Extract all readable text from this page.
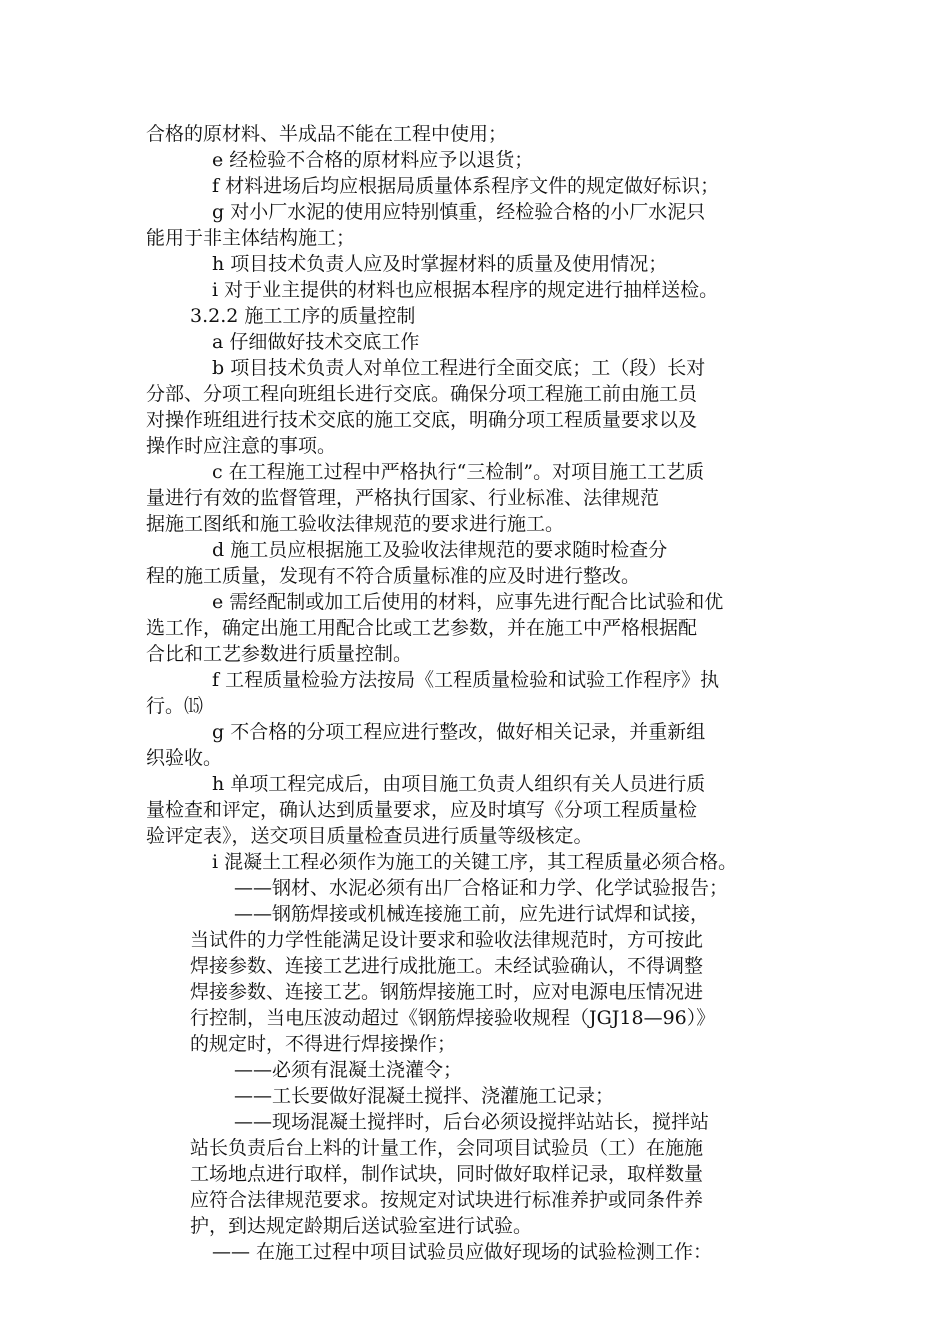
合格的原材料、半成品不能在工程中使用；
e 经检验不合格的原材料应予以退货；
f 材料进场后均应根据局质量体系程序文件的规定做好标识；
g 对小厂水泥的使用应特别慎重，经检验合格的小厂水泥只
能用于非主体结构施工；
h 项目技术负责人应及时掌握材料的质量及使用情况；
i 对于业主提供的材料也应根据本程序的规定进行抽样送检。
3.2.2 施工工序的质量控制
a 仔细做好技术交底工作
b 项目技术负责人对单位工程进行全面交底；工（段）长对
分部、分项工程向班组长进行交底。确保分项工程施工前由施工员
对操作班组进行技术交底的施工交底，明确分项工程质量要求以及
操作时应注意的事项。
c 在工程施工过程中严格执行“三检制”。对项目施工工艺质
量进行有效的监督管理，严格执行国家、行业标准、法律规范
据施工图纸和施工验收法律规范的要求进行施工。
d 施工员应根据施工及验收法律规范的要求随时检查分
程的施工质量，发现有不符合质量标准的应及时进行整改。
e 需经配制或加工后使用的材料，应事先进行配合比试验和优
选工作，确定出施工用配合比或工艺参数，并在施工中严格根据配
合比和工艺参数进行质量控制。
f 工程质量检验方法按局《工程质量检验和试验工作程序》执
行。⒂
g 不合格的分项工程应进行整改，做好相关记录，并重新组
织验收。
h 单项工程完成后，由项目施工负责人组织有关人员进行质
量检查和评定，确认达到质量要求，应及时填写《分项工程质量检
验评定表》，送交项目质量检查员进行质量等级核定。
i 混凝土工程必须作为施工的关键工序，其工程质量必须合格。
——钢材、水泥必须有出厂合格证和力学、化学试验报告；
——钢筋焊接或机械连接施工前，应先进行试焊和试接，
当试件的力学性能满足设计要求和验收法律规范时，方可按此
焊接参数、连接工艺进行成批施工。未经试验确认，不得调整
焊接参数、连接工艺。钢筋焊接施工时，应对电源电压情况进
行控制，当电压波动超过《钢筋焊接验收规程（JGJ18—96）》
的规定时，不得进行焊接操作；
——必须有混凝土浇灌令；
——工长要做好混凝土搅拌、浇灌施工记录；
——现场混凝土搅拌时，后台必须设搅拌站站长，搅拌站
站长负责后台上料的计量工作，会同项目试验员（工）在施施
工场地点进行取样，制作试块，同时做好取样记录，取样数量
应符合法律规范要求。按规定对试块进行标准养护或同条件养
护，到达规定龄期后送试验室进行试验。
—— 在施工过程中项目试验员应做好现场的试验检测工作：
